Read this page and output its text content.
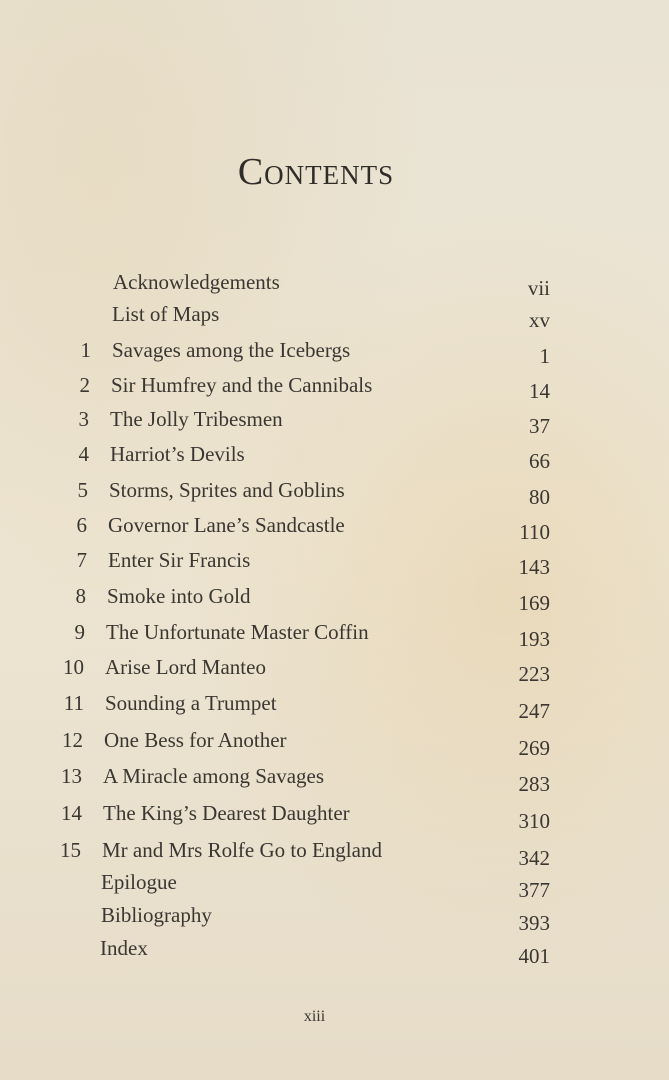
Contents
Acknowledgements	vii
List of Maps	xv
1 Savages among the Icebergs	1
2 Sir Humfrey and the Cannibals	14
3 The Jolly Tribesmen	37
4 Harriot’s Devils	66
5 Storms, Sprites and Goblins	80
6 Governor Lane’s Sandcastle	110
7 Enter Sir Francis	143
8 Smoke into Gold	169
9 The Unfortunate Master Coffin	193
10 Arise Lord Manteo	223
11 Sounding a Trumpet	247
12 One Bess for Another	269
13 A Miracle among Savages	283
14 The King’s Dearest Daughter	310
15 Mr and Mrs Rolfe Go to England	342
Epilogue	377
Bibliography	393
Index	401
xiii
